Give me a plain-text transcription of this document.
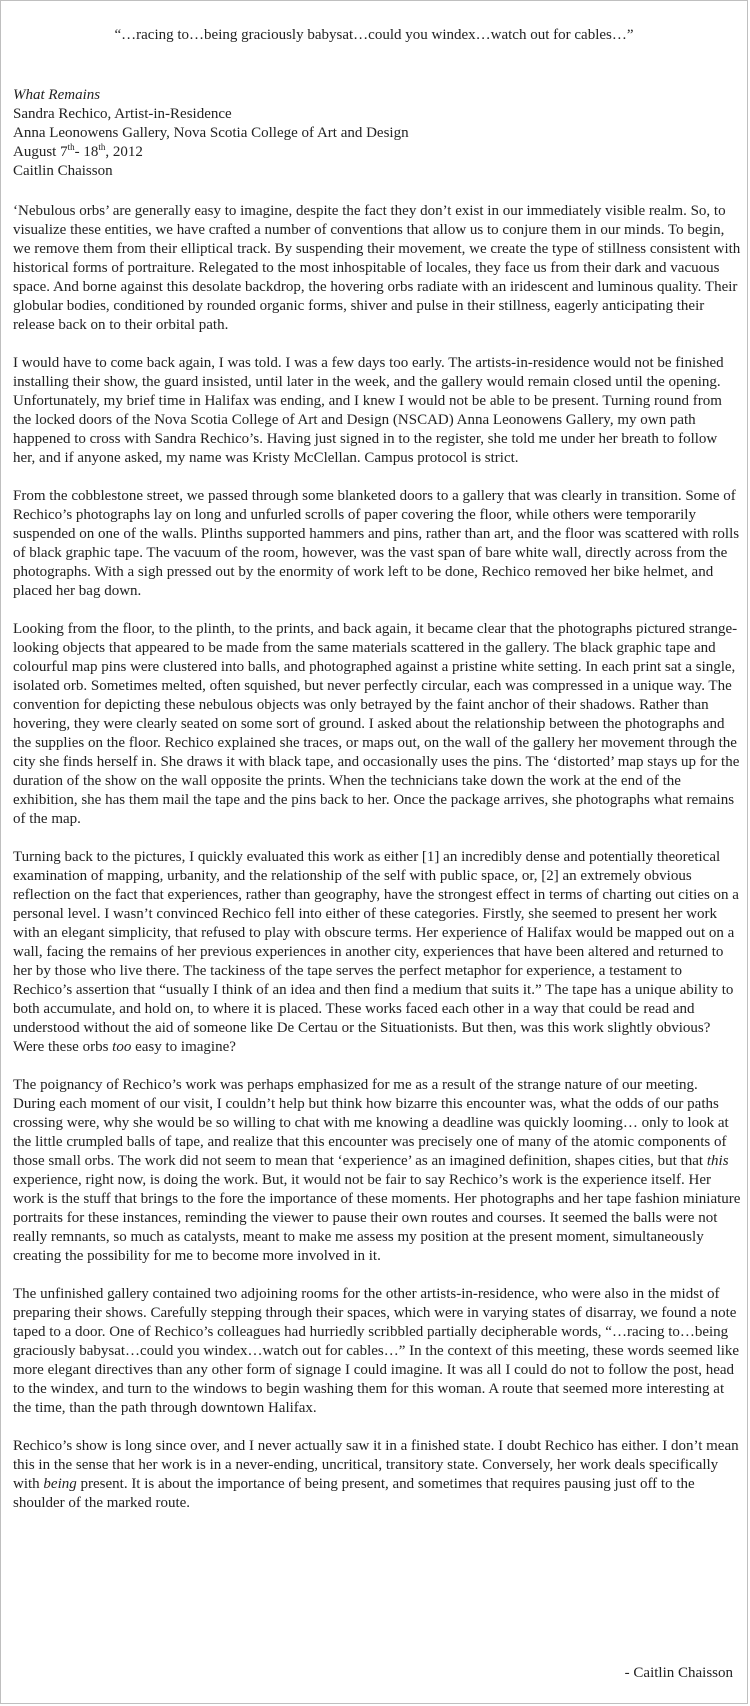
“…racing to…being graciously babysat…could you windex…watch out for cables…”
What Remains
Sandra Rechico, Artist-in-Residence
Anna Leonowens Gallery, Nova Scotia College of Art and Design
August 7th- 18th, 2012
Caitlin Chaisson

‘Nebulous orbs’ are generally easy to imagine, despite the fact they don’t exist in our immediately visible realm. So, to visualize these entities, we have crafted a number of conventions that allow us to conjure them in our minds. To begin, we remove them from their elliptical track. By suspending their movement, we create the type of stillness consistent with historical forms of portraiture. Relegated to the most inhospitable of locales, they face us from their dark and vacuous space. And borne against this desolate backdrop, the hovering orbs radiate with an iridescent and luminous quality. Their globular bodies, conditioned by rounded organic forms, shiver and pulse in their stillness, eagerly anticipating their release back on to their orbital path.

I would have to come back again, I was told. I was a few days too early. The artists-in-residence would not be finished installing their show, the guard insisted, until later in the week, and the gallery would remain closed until the opening. Unfortunately, my brief time in Halifax was ending, and I knew I would not be able to be present. Turning round from the locked doors of the Nova Scotia College of Art and Design (NSCAD) Anna Leonowens Gallery, my own path happened to cross with Sandra Rechico’s. Having just signed in to the register, she told me under her breath to follow her, and if anyone asked, my name was Kristy McClellan. Campus protocol is strict.

From the cobblestone street, we passed through some blanketed doors to a gallery that was clearly in transition. Some of Rechico’s photographs lay on long and unfurled scrolls of paper covering the floor, while others were temporarily suspended on one of the walls. Plinths supported hammers and pins, rather than art, and the floor was scattered with rolls of black graphic tape. The vacuum of the room, however, was the vast span of bare white wall, directly across from the photographs. With a sigh pressed out by the enormity of work left to be done, Rechico removed her bike helmet, and placed her bag down.

Looking from the floor, to the plinth, to the prints, and back again, it became clear that the photographs pictured strange-looking objects that appeared to be made from the same materials scattered in the gallery. The black graphic tape and colourful map pins were clustered into balls, and photographed against a pristine white setting. In each print sat a single, isolated orb. Sometimes melted, often squished, but never perfectly circular, each was compressed in a unique way. The convention for depicting these nebulous objects was only betrayed by the faint anchor of their shadows. Rather than hovering, they were clearly seated on some sort of ground. I asked about the relationship between the photographs and the supplies on the floor. Rechico explained she traces, or maps out, on the wall of the gallery her movement through the city she finds herself in. She draws it with black tape, and occasionally uses the pins. The ‘distorted’ map stays up for the duration of the show on the wall opposite the prints. When the technicians take down the work at the end of the exhibition, she has them mail the tape and the pins back to her. Once the package arrives, she photographs what remains of the map.

Turning back to the pictures, I quickly evaluated this work as either [1] an incredibly dense and potentially theoretical examination of mapping, urbanity, and the relationship of the self with public space, or, [2] an extremely obvious reflection on the fact that experiences, rather than geography, have the strongest effect in terms of charting out cities on a personal level. I wasn’t convinced Rechico fell into either of these categories. Firstly, she seemed to present her work with an elegant simplicity, that refused to play with obscure terms. Her experience of Halifax would be mapped out on a wall, facing the remains of her previous experiences in another city, experiences that have been altered and returned to her by those who live there. The tackiness of the tape serves the perfect metaphor for experience, a testament to Rechico’s assertion that “usually I think of an idea and then find a medium that suits it.” The tape has a unique ability to both accumulate, and hold on, to where it is placed. These works faced each other in a way that could be read and understood without the aid of someone like De Certau or the Situationists. But then, was this work slightly obvious? Were these orbs too easy to imagine?

The poignancy of Rechico’s work was perhaps emphasized for me as a result of the strange nature of our meeting. During each moment of our visit, I couldn’t help but think how bizarre this encounter was, what the odds of our paths crossing were, why she would be so willing to chat with me knowing a deadline was quickly looming… only to look at the little crumpled balls of tape, and realize that this encounter was precisely one of many of the atomic components of those small orbs. The work did not seem to mean that ‘experience’ as an imagined definition, shapes cities, but that this experience, right now, is doing the work. But, it would not be fair to say Rechico’s work is the experience itself. Her work is the stuff that brings to the fore the importance of these moments. Her photographs and her tape fashion miniature portraits for these instances, reminding the viewer to pause their own routes and courses. It seemed the balls were not really remnants, so much as catalysts, meant to make me assess my position at the present moment, simultaneously creating the possibility for me to become more involved in it.

The unfinished gallery contained two adjoining rooms for the other artists-in-residence, who were also in the midst of preparing their shows. Carefully stepping through their spaces, which were in varying states of disarray, we found a note taped to a door. One of Rechico’s colleagues had hurriedly scribbled partially decipherable words, “…racing to…being graciously babysat…could you windex…watch out for cables…” In the context of this meeting, these words seemed like more elegant directives than any other form of signage I could imagine. It was all I could do not to follow the post, head to the windex, and turn to the windows to begin washing them for this woman. A route that seemed more interesting at the time, than the path through downtown Halifax.

Rechico’s show is long since over, and I never actually saw it in a finished state. I doubt Rechico has either. I don’t mean this in the sense that her work is in a never-ending, uncritical, transitory state. Conversely, her work deals specifically with being present. It is about the importance of being present, and sometimes that requires pausing just off to the shoulder of the marked route.

- Caitlin Chaisson
